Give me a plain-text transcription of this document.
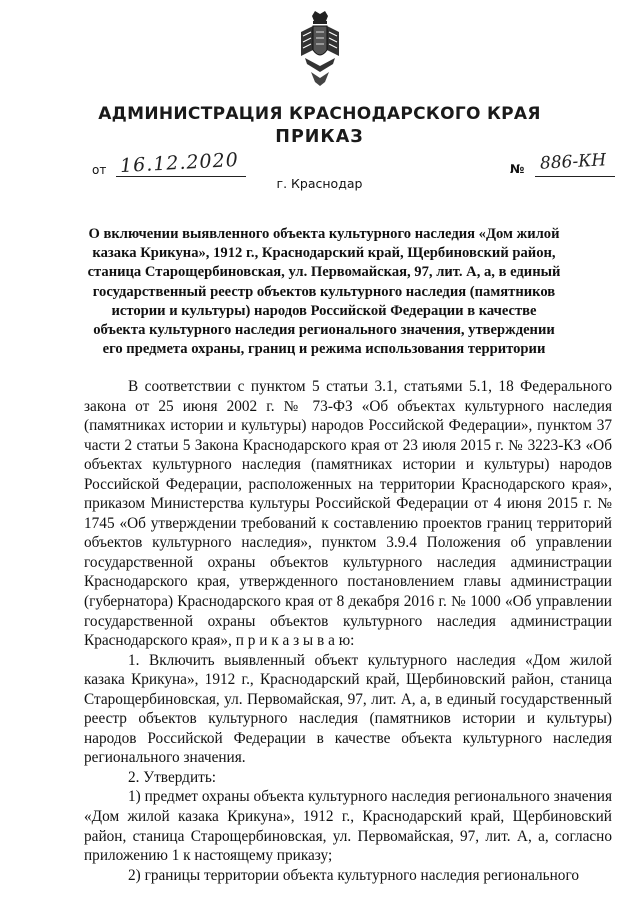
АДМИНИСТРАЦИЯ КРАСНОДАРСКОГО КРАЯ
ПРИКАЗ
от 16.12.2020	№ 886-КН
г. Краснодар
О включении выявленного объекта культурного наследия «Дом жилой казака Крикуна», 1912 г., Краснодарский край, Щербиновский район, станица Старощербиновская, ул. Первомайская, 97, лит. А, а, в единый государственный реестр объектов культурного наследия (памятников истории и культуры) народов Российской Федерации в качестве объекта культурного наследия регионального значения, утверждении его предмета охраны, границ и режима использования территории

В соответствии с пунктом 5 статьи 3.1, статьями 5.1, 18 Федерального закона от 25 июня 2002 г. № 73-ФЗ «Об объектах культурного наследия (памятниках истории и культуры) народов Российской Федерации», пунктом 37 части 2 статьи 5 Закона Краснодарского края от 23 июля 2015 г. № 3223-КЗ «Об объектах культурного наследия (памятниках истории и культуры) народов Российской Федерации, расположенных на территории Краснодарского края», приказом Министерства культуры Российской Федерации от 4 июня 2015 г. № 1745 «Об утверждении требований к составлению проектов границ территорий объектов культурного наследия», пунктом 3.9.4 Положения об управлении государственной охраны объектов культурного наследия администрации Краснодарского края, утвержденного постановлением главы администрации (губернатора) Краснодарского края от 8 декабря 2016 г. № 1000 «Об управлении государственной охраны объектов культурного наследия администрации Краснодарского края», п р и к а з ы в а ю:

1. Включить выявленный объект культурного наследия «Дом жилой казака Крикуна», 1912 г., Краснодарский край, Щербиновский район, станица Старощербиновская, ул. Первомайская, 97, лит. А, а, в единый государственный реестр объектов культурного наследия (памятников истории и культуры) народов Российской Федерации в качестве объекта культурного наследия регионального значения.

2. Утвердить:

1) предмет охраны объекта культурного наследия регионального значения «Дом жилой казака Крикуна», 1912 г., Краснодарский край, Щербиновский район, станица Старощербиновская, ул. Первомайская, 97, лит. А, а, согласно приложению 1 к настоящему приказу;

2) границы территории объекта культурного наследия регионального
